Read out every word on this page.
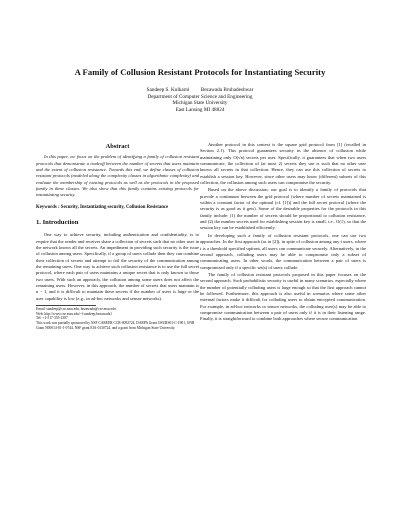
A Family of Collusion Resistant Protocols for Instantiating Security
Sandeep S. Kulkarni Bezawada Bruhadeshwar
Department of Computer Science and Engineering
Michigan State University
East Lansing MI 48824
Abstract
In this paper, we focus on the problem of identifying a family of collusion resistant protocols that demonstrate a tradeoff between the number of secrets that users maintain and the extent of collusion resistance. Towards this end, we define classes of collusion resistant protocols (modeled along the complexity classes in algorithmic complexity) and evaluate the membership of existing protocols as well as the protocols in the proposed family in these classes. We also show that this family contains existing protocols for instantiating security.
Keywords : Security, Instantiating security, Collusion Resistance
1. Introduction
One way to achieve security, including authentication and confidentiality, is to require that the sender and receiver share a collection of secrets such that no other user in the network knows all the secrets. An impediment in providing such security is the issue of collusion among users. Specifically, if a group of users collude then they can combine their collection of secrets and attempt to foil the security of the communication among the remaining users. One way to achieve such collusion resistance is to use the full secret protocol, where each pair of users maintains a unique secret that is only known to those two users. With such an approach, the collusion among some users does not affect the remaining users. However, in this approach, the number of secrets that users maintain is n − 1, and it is difficult to maintain these secrets if the number of users is large or the user capability is low (e.g., in ad-hoc networks and sensor networks).
Email: sandeep@cse.msu.edu, bezawada@cse.msu.edu
Web: http://www.cse.msu.edu/~{sandeep,bezawada}
Tel: +1-517-355-2387
This work was partially sponsored by NSF CAREER CCR-0092724, DARPA Grant OSURS01-C-1901, ONR Grant N00014-01-1-0744, NSF grant EIA-0130724, and a grant from Michigan State University.
Another protocol in this context is the square grid protocol from [1] (recalled in Section 2.1). This protocol guarantees security in the absence of collusion while maintaining only O(√n) secrets per user. Specifically, it guarantees that when two users communicate, the collection of (at most 2) secrets they use is such that no other user knows all secrets in that collection. Hence, they can use this collection of secrets to establish a session key. However, since other users may know (different) subsets of this collection, the collusion among such users can compromise the security.
Based on the above discussion, our goal is to identify a family of protocols that provide a continuum between the grid protocol (where number of secrets maintained is within a constant factor of the optimal (cf. [1])) and the full secret protocol (where the security is as good as it gets). Some of the desirable properties for the protocols in this family include: (1) the number of secrets should be proportional to collusion resistance, and (2) the number secrets used for establishing session key is small, i.e., O(1), so that the session key can be established efficiently.
In developing such a family of collusion resistant protocols, one can use two approaches. In the first approach (as in [2]), in spite of collusion among any t users, where t is a threshold specified upfront, all users can communicate securely. Alternatively, in the second approach, colluding users may be able to compromise only a subset of communicating users. In other words, the communication between a pair of users is compromised only if a specific set(s) of users collude.
The family of collusion resistant protocols proposed in this paper focuses on the second approach. Such probabilistic security is useful in many scenarios, especially where the number of potentially colluding users is large enough so that the first approach cannot be followed. Furthermore, this approach is also useful in scenarios where some other external factors make it difficult for colluding users to obtain encrypted communication. For example, in ad-hoc networks or sensor networks, the colluding user(s) may be able to compromise communication between a pair of users only if it is in their listening range. Finally, it is straightforward to combine both approaches where secure communication
